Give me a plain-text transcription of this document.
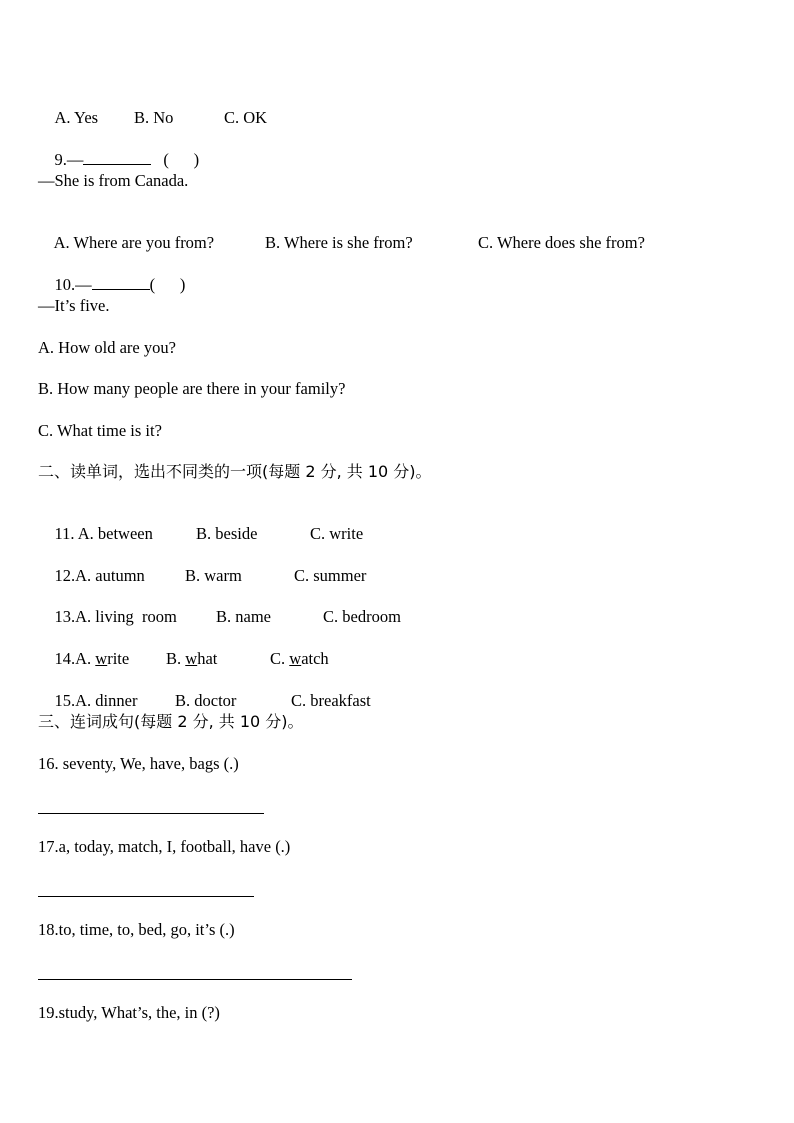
A. Yes B. No	C. OK

9.—	(      )

—She is from Canada.

A. Where are you from?	B. Where is she from?	C. Where does she from?

10.—	(      )

—It’s five.
A. How old are you?
B. How many people are there in your family?
C. What time is it?
二、读单词，选出不同类的一项(每题 2 分, 共 10 分)。

11. A. between	B. beside	C. write

12.A. autumn B. warm	C. summer

13.A. living  room B. name	C. bedroom

14.A. write B. what	C. watch

15.A. dinner B. doctor	C. breakfast

三、连词成句(每题 2 分, 共 10 分)。
16. seventy, We, have, bags (.)
17.a, today, match, I, football, have (.)
18.to, time, to, bed, go, it’s (.)
19.study, What’s, the, in (?)
